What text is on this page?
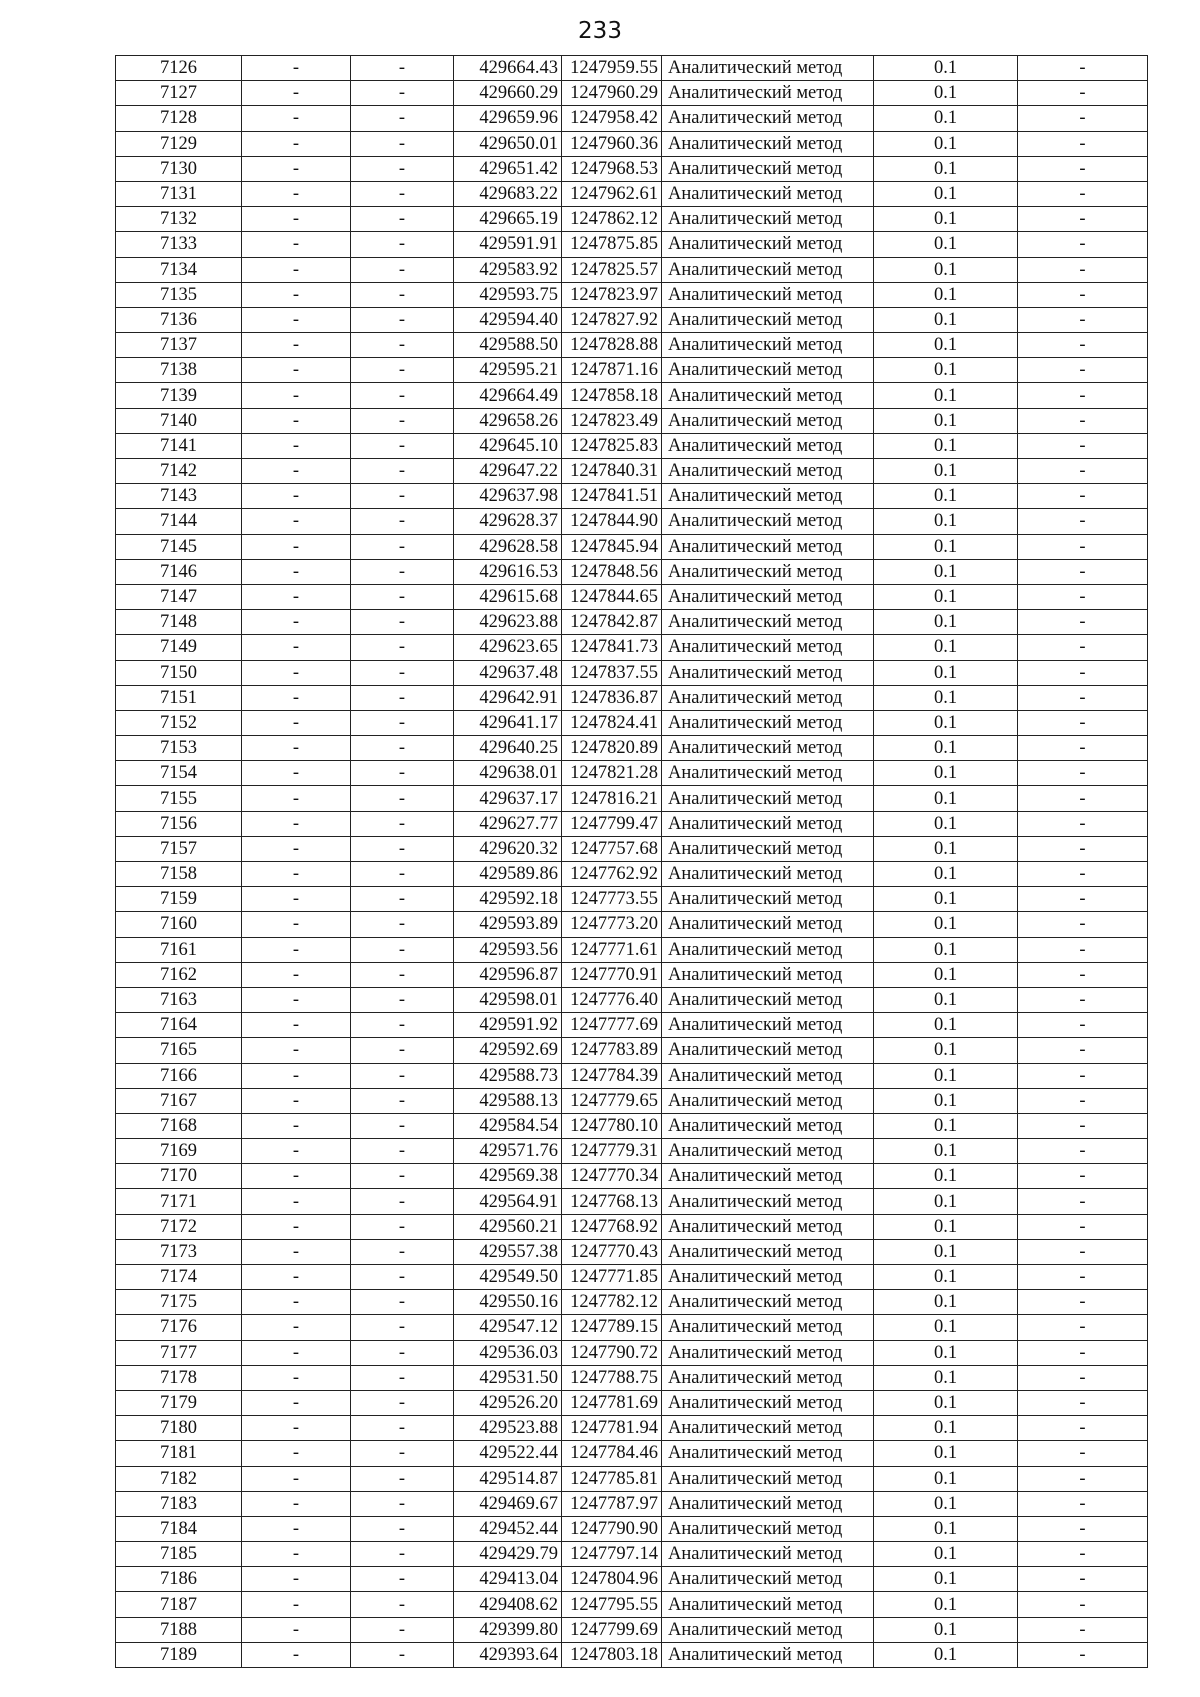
233
7126	-	-	429664.43	1247959.55	Аналитический метод	0.1	-
7127	-	-	429660.29	1247960.29	Аналитический метод	0.1	-
7128	-	-	429659.96	1247958.42	Аналитический метод	0.1	-
7129	-	-	429650.01	1247960.36	Аналитический метод	0.1	-
7130	-	-	429651.42	1247968.53	Аналитический метод	0.1	-
7131	-	-	429683.22	1247962.61	Аналитический метод	0.1	-
7132	-	-	429665.19	1247862.12	Аналитический метод	0.1	-
7133	-	-	429591.91	1247875.85	Аналитический метод	0.1	-
7134	-	-	429583.92	1247825.57	Аналитический метод	0.1	-
7135	-	-	429593.75	1247823.97	Аналитический метод	0.1	-
7136	-	-	429594.40	1247827.92	Аналитический метод	0.1	-
7137	-	-	429588.50	1247828.88	Аналитический метод	0.1	-
7138	-	-	429595.21	1247871.16	Аналитический метод	0.1	-
7139	-	-	429664.49	1247858.18	Аналитический метод	0.1	-
7140	-	-	429658.26	1247823.49	Аналитический метод	0.1	-
7141	-	-	429645.10	1247825.83	Аналитический метод	0.1	-
7142	-	-	429647.22	1247840.31	Аналитический метод	0.1	-
7143	-	-	429637.98	1247841.51	Аналитический метод	0.1	-
7144	-	-	429628.37	1247844.90	Аналитический метод	0.1	-
7145	-	-	429628.58	1247845.94	Аналитический метод	0.1	-
7146	-	-	429616.53	1247848.56	Аналитический метод	0.1	-
7147	-	-	429615.68	1247844.65	Аналитический метод	0.1	-
7148	-	-	429623.88	1247842.87	Аналитический метод	0.1	-
7149	-	-	429623.65	1247841.73	Аналитический метод	0.1	-
7150	-	-	429637.48	1247837.55	Аналитический метод	0.1	-
7151	-	-	429642.91	1247836.87	Аналитический метод	0.1	-
7152	-	-	429641.17	1247824.41	Аналитический метод	0.1	-
7153	-	-	429640.25	1247820.89	Аналитический метод	0.1	-
7154	-	-	429638.01	1247821.28	Аналитический метод	0.1	-
7155	-	-	429637.17	1247816.21	Аналитический метод	0.1	-
7156	-	-	429627.77	1247799.47	Аналитический метод	0.1	-
7157	-	-	429620.32	1247757.68	Аналитический метод	0.1	-
7158	-	-	429589.86	1247762.92	Аналитический метод	0.1	-
7159	-	-	429592.18	1247773.55	Аналитический метод	0.1	-
7160	-	-	429593.89	1247773.20	Аналитический метод	0.1	-
7161	-	-	429593.56	1247771.61	Аналитический метод	0.1	-
7162	-	-	429596.87	1247770.91	Аналитический метод	0.1	-
7163	-	-	429598.01	1247776.40	Аналитический метод	0.1	-
7164	-	-	429591.92	1247777.69	Аналитический метод	0.1	-
7165	-	-	429592.69	1247783.89	Аналитический метод	0.1	-
7166	-	-	429588.73	1247784.39	Аналитический метод	0.1	-
7167	-	-	429588.13	1247779.65	Аналитический метод	0.1	-
7168	-	-	429584.54	1247780.10	Аналитический метод	0.1	-
7169	-	-	429571.76	1247779.31	Аналитический метод	0.1	-
7170	-	-	429569.38	1247770.34	Аналитический метод	0.1	-
7171	-	-	429564.91	1247768.13	Аналитический метод	0.1	-
7172	-	-	429560.21	1247768.92	Аналитический метод	0.1	-
7173	-	-	429557.38	1247770.43	Аналитический метод	0.1	-
7174	-	-	429549.50	1247771.85	Аналитический метод	0.1	-
7175	-	-	429550.16	1247782.12	Аналитический метод	0.1	-
7176	-	-	429547.12	1247789.15	Аналитический метод	0.1	-
7177	-	-	429536.03	1247790.72	Аналитический метод	0.1	-
7178	-	-	429531.50	1247788.75	Аналитический метод	0.1	-
7179	-	-	429526.20	1247781.69	Аналитический метод	0.1	-
7180	-	-	429523.88	1247781.94	Аналитический метод	0.1	-
7181	-	-	429522.44	1247784.46	Аналитический метод	0.1	-
7182	-	-	429514.87	1247785.81	Аналитический метод	0.1	-
7183	-	-	429469.67	1247787.97	Аналитический метод	0.1	-
7184	-	-	429452.44	1247790.90	Аналитический метод	0.1	-
7185	-	-	429429.79	1247797.14	Аналитический метод	0.1	-
7186	-	-	429413.04	1247804.96	Аналитический метод	0.1	-
7187	-	-	429408.62	1247795.55	Аналитический метод	0.1	-
7188	-	-	429399.80	1247799.69	Аналитический метод	0.1	-
7189	-	-	429393.64	1247803.18	Аналитический метод	0.1	-
